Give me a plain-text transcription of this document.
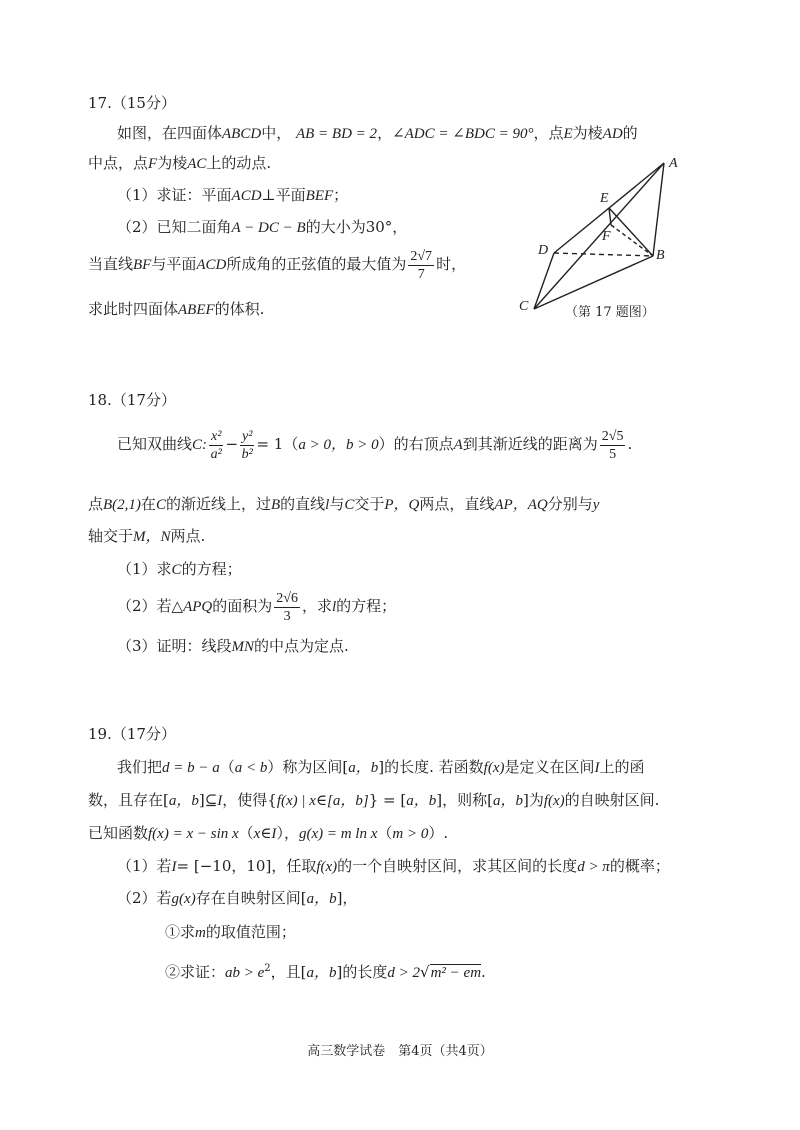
17.（15分）
如图，在四面体ABCD中， AB = BD = 2，∠ADC = ∠BDC = 90°，点E为棱AD的
中点，点F为棱AC上的动点.
（1）求证：平面ACD⊥平面BEF；
（2）已知二面角A − DC − B的大小为30°，
当直线BF与平面ACD所成角的正弦值的最大值为 $\frac{2√7}{7}$ 时，
求此时四面体ABEF的体积.
A
B
C
D
E
F
（第 17 题图）
18.（17分）
已知双曲线C: $\frac{\text{x²}}{\text{a²}} - \frac{\text{y²}}{\text{b²}} = 1(a > 0$，b > 0）的右顶点A到其渐近线的距离为 $\frac{2√5}{5}$ .
点B(2,1)在C的渐近线上，过B的直线l与C交于P，Q两点，直线AP，AQ分别与y
轴交于M，N两点.
（1）求C的方程；
（2）若△APQ的面积为 $\frac{2√6}{3}$ ，求l的方程；
（3）证明：线段MN的中点为定点.
19.（17分）
我们把d = b − a（a < b）称为区间[a，b]的长度. 若函数f(x)是定义在区间I上的函
数，且存在[a，b]⊆I，使得{f(x) | x∈[a，b]} = [a，b]，则称[a，b]为f(x)的自映射区间.
已知函数f(x) = x − sin x（x∈I），g(x) = m ln x（m > 0）.
（1）若I= [−10，10]，任取f(x)的一个自映射区间，求其区间的长度d > π的概率；
（2）若g(x)存在自映射区间[a，b]，
①求m的取值范围；
②求证：ab > $e^2$，且[a，b]的长度d > 2√m² − em.
高三数学试卷　第4页（共4页）
